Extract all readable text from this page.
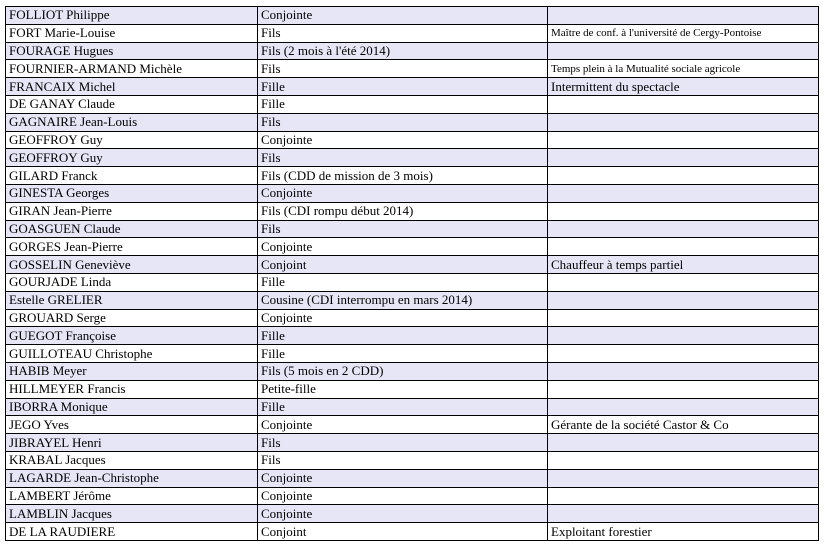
FOLLIOT Philippe	Conjointe	
FORT Marie-Louise	Fils	Maître de conf. à l'université de Cergy-Pontoise
FOURAGE Hugues	Fils (2 mois à l'été 2014)	
FOURNIER-ARMAND Michèle	Fils	Temps plein à la Mutualité sociale agricole
FRANCAIX Michel	Fille	Intermittent du spectacle
DE GANAY Claude	Fille	
GAGNAIRE Jean-Louis	Fils	
GEOFFROY Guy	Conjointe	
GEOFFROY Guy	Fils	
GILARD Franck	Fils (CDD de mission de 3 mois)	
GINESTA Georges	Conjointe	
GIRAN Jean-Pierre	Fils (CDI rompu début 2014)	
GOASGUEN Claude	Fils	
GORGES Jean-Pierre	Conjointe	
GOSSELIN Geneviève	Conjoint	Chauffeur à temps partiel
GOURJADE Linda	Fille	
Estelle GRELIER	Cousine (CDI interrompu en mars 2014)	
GROUARD Serge	Conjointe	
GUEGOT Françoise	Fille	
GUILLOTEAU Christophe	Fille	
HABIB Meyer	Fils (5 mois en 2 CDD)	
HILLMEYER Francis	Petite-fille	
IBORRA Monique	Fille	
JEGO Yves	Conjointe	Gérante de la société Castor & Co
JIBRAYEL Henri	Fils	
KRABAL Jacques	Fils	
LAGARDE Jean-Christophe	Conjointe	
LAMBERT Jérôme	Conjointe	
LAMBLIN Jacques	Conjointe	
DE LA RAUDIERE	Conjoint	Exploitant forestier
